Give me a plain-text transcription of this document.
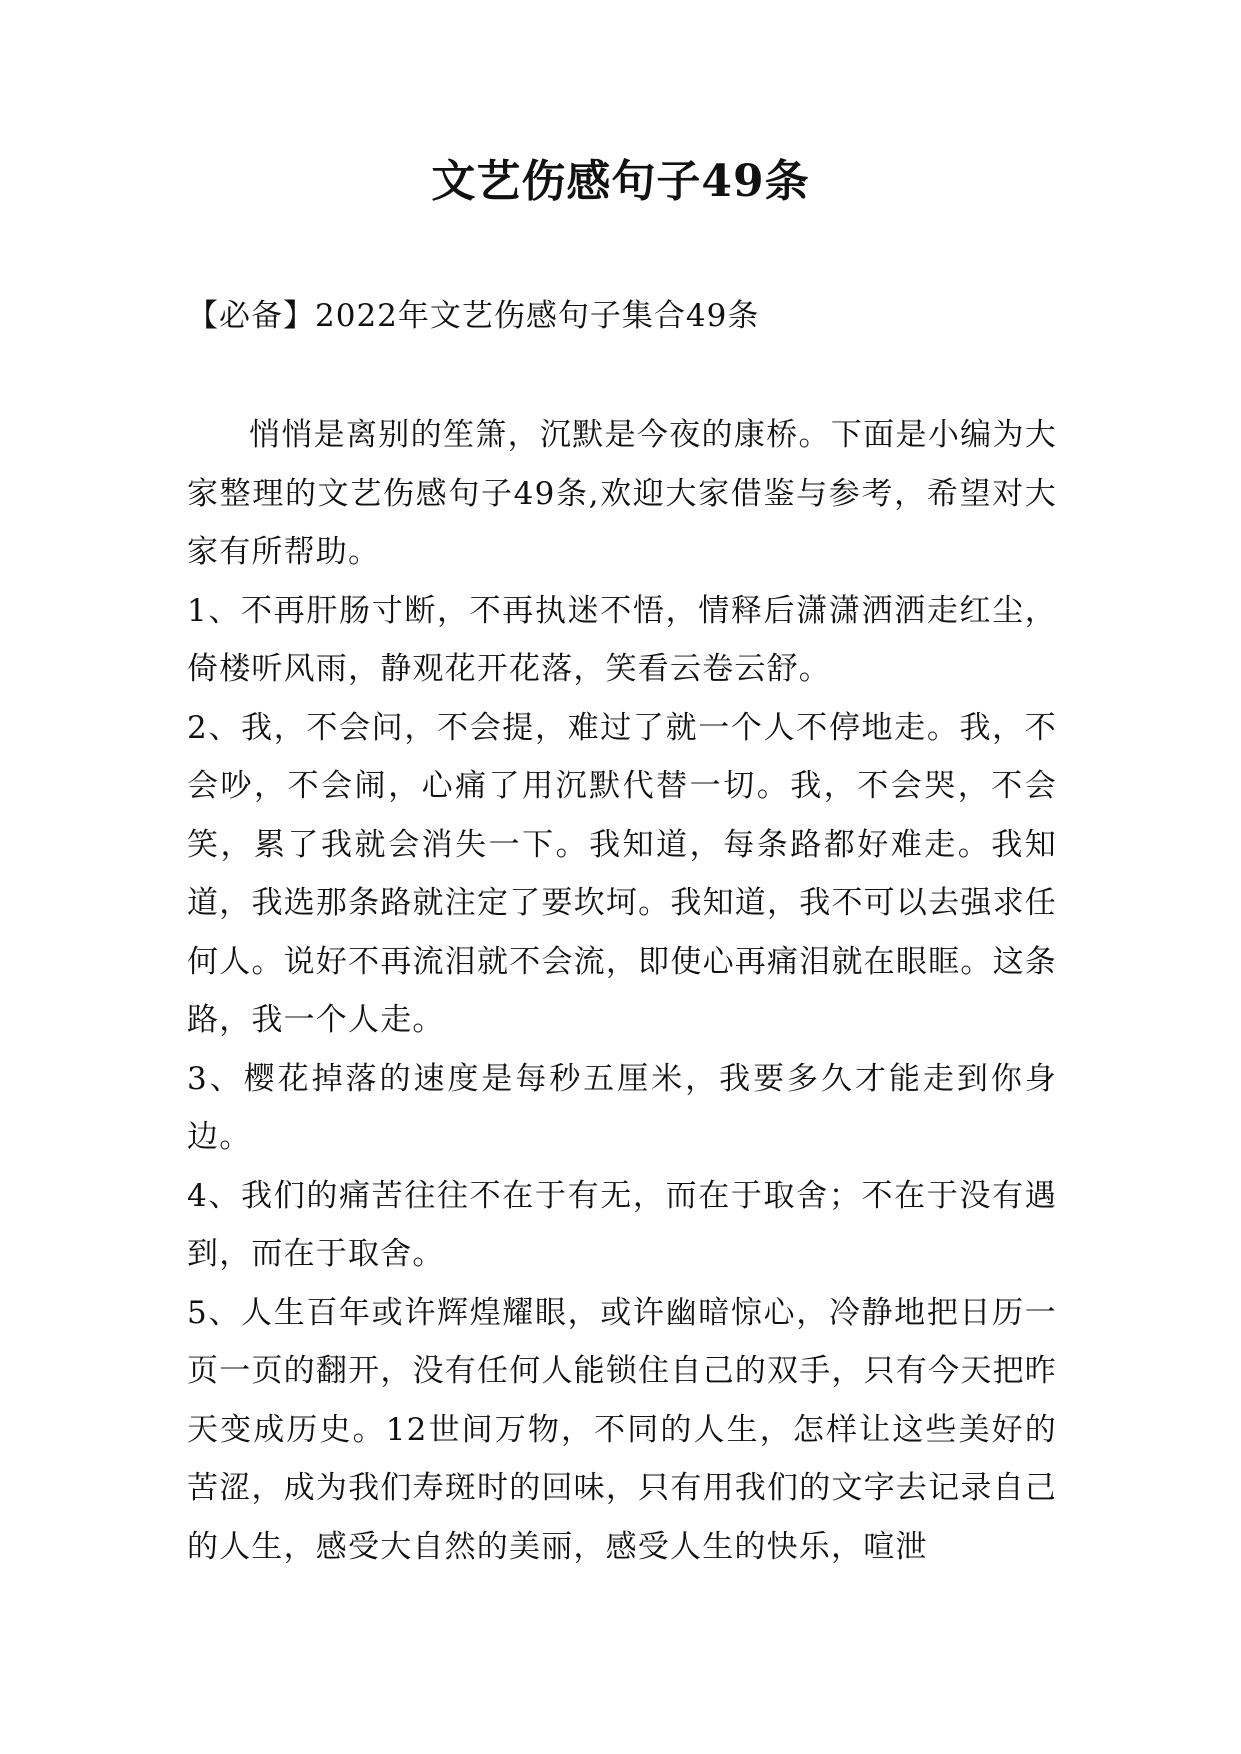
文艺伤感句子49条

【必备】2022年文艺伤感句子集合49条

悄悄是离别的笙箫，沉默是今夜的康桥。下面是小编为大家整理的文艺伤感句子49条,欢迎大家借鉴与参考，希望对大家有所帮助。

1、不再肝肠寸断，不再执迷不悟，情释后潇潇洒洒走红尘，倚楼听风雨，静观花开花落，笑看云卷云舒。

2、我，不会问，不会提，难过了就一个人不停地走。我，不会吵，不会闹，心痛了用沉默代替一切。我，不会哭，不会笑，累了我就会消失一下。我知道，每条路都好难走。我知道，我选那条路就注定了要坎坷。我知道，我不可以去强求任何人。说好不再流泪就不会流，即使心再痛泪就在眼眶。这条路，我一个人走。

3、樱花掉落的速度是每秒五厘米，我要多久才能走到你身边。

4、我们的痛苦往往不在于有无，而在于取舍；不在于没有遇到，而在于取舍。

5、人生百年或许辉煌耀眼，或许幽暗惊心，冷静地把日历一页一页的翻开，没有任何人能锁住自己的双手，只有今天把昨天变成历史。12世间万物，不同的人生，怎样让这些美好的苦涩，成为我们寿斑时的回味，只有用我们的文字去记录自己的人生，感受大自然的美丽，感受人生的快乐，喧泄
